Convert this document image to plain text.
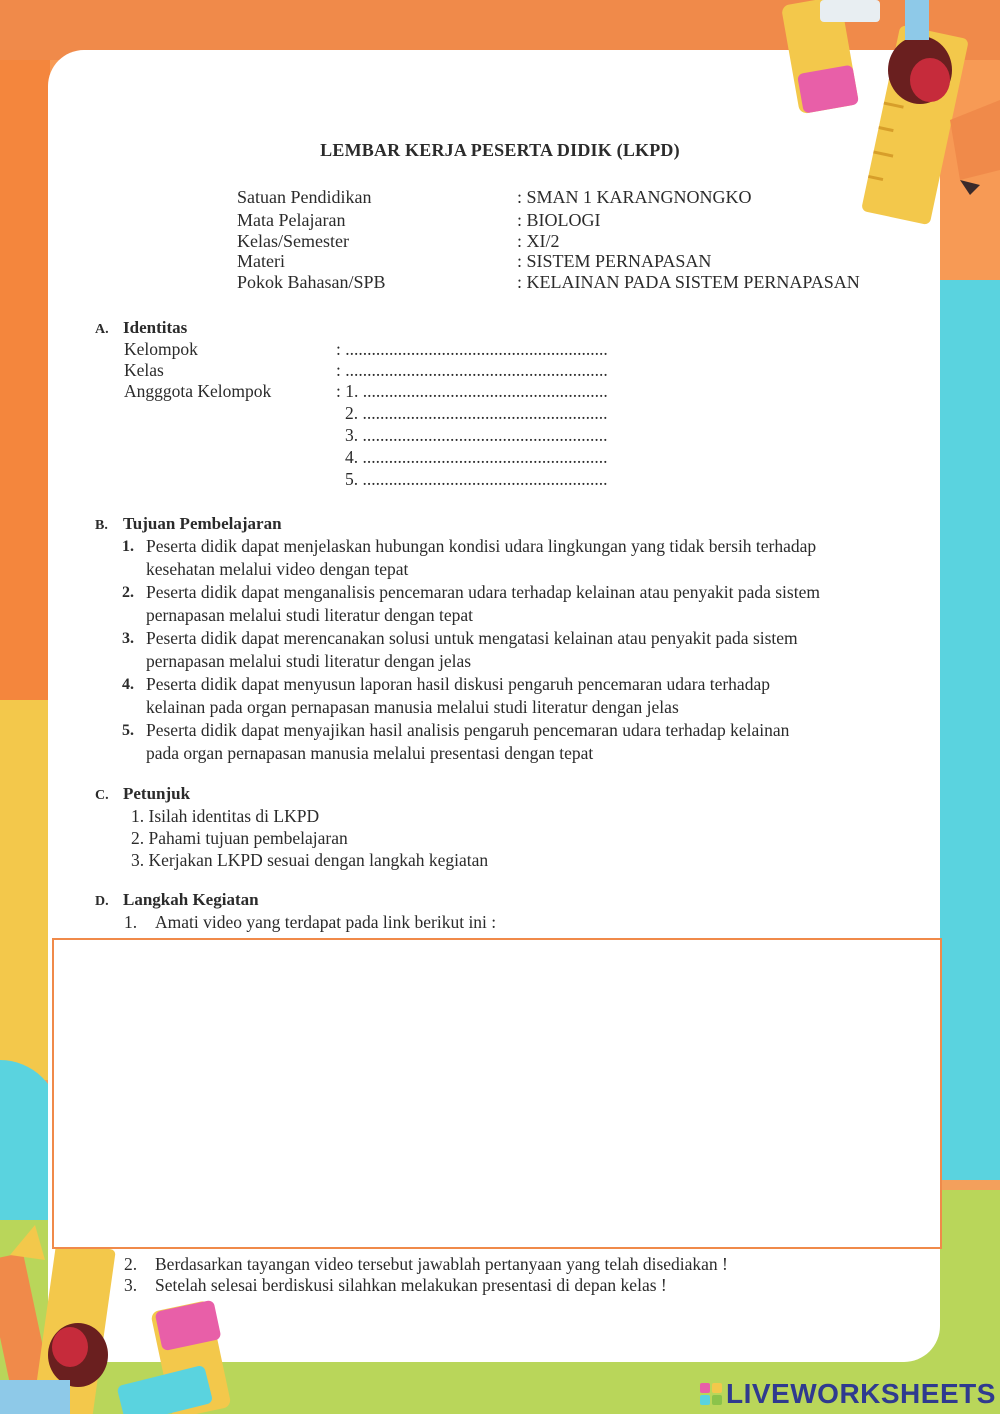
LEMBAR KERJA PESERTA DIDIK (LKPD)
Satuan Pendidikan	: SMAN 1 KARANGNONGKO
Mata Pelajaran	: BIOLOGI
Kelas/Semester	: XI/2
Materi	: SISTEM PERNAPASAN
Pokok Bahasan/SPB	: KELAINAN PADA SISTEM PERNAPASAN
A. Identitas
Kelompok	: ............................................................
Kelas	: ............................................................
Angggota Kelompok	: 1. ........................................................
2. ........................................................
3. ........................................................
4. ........................................................
5. ........................................................
B. Tujuan Pembelajaran
1. Peserta didik dapat menjelaskan hubungan kondisi udara lingkungan yang tidak bersih terhadap
kesehatan melalui video dengan tepat
2. Peserta didik dapat menganalisis pencemaran udara terhadap kelainan atau penyakit pada sistem
pernapasan melalui studi literatur dengan tepat
3. Peserta didik dapat merencanakan solusi untuk mengatasi kelainan atau penyakit pada sistem
pernapasan melalui studi literatur dengan jelas
4. Peserta didik dapat menyusun laporan hasil diskusi pengaruh pencemaran udara terhadap
kelainan pada organ pernapasan manusia melalui studi literatur dengan jelas
5. Peserta didik dapat menyajikan hasil analisis pengaruh pencemaran udara terhadap kelainan
pada organ pernapasan manusia melalui presentasi dengan tepat
C. Petunjuk
1. Isilah identitas di LKPD
2. Pahami tujuan pembelajaran
3. Kerjakan LKPD sesuai dengan langkah kegiatan
D. Langkah Kegiatan
1. Amati video yang terdapat pada link berikut ini :
2. Berdasarkan tayangan video tersebut jawablah pertanyaan yang telah disediakan !
3. Setelah selesai berdiskusi silahkan melakukan presentasi di depan kelas !
LIVEWORKSHEETS
